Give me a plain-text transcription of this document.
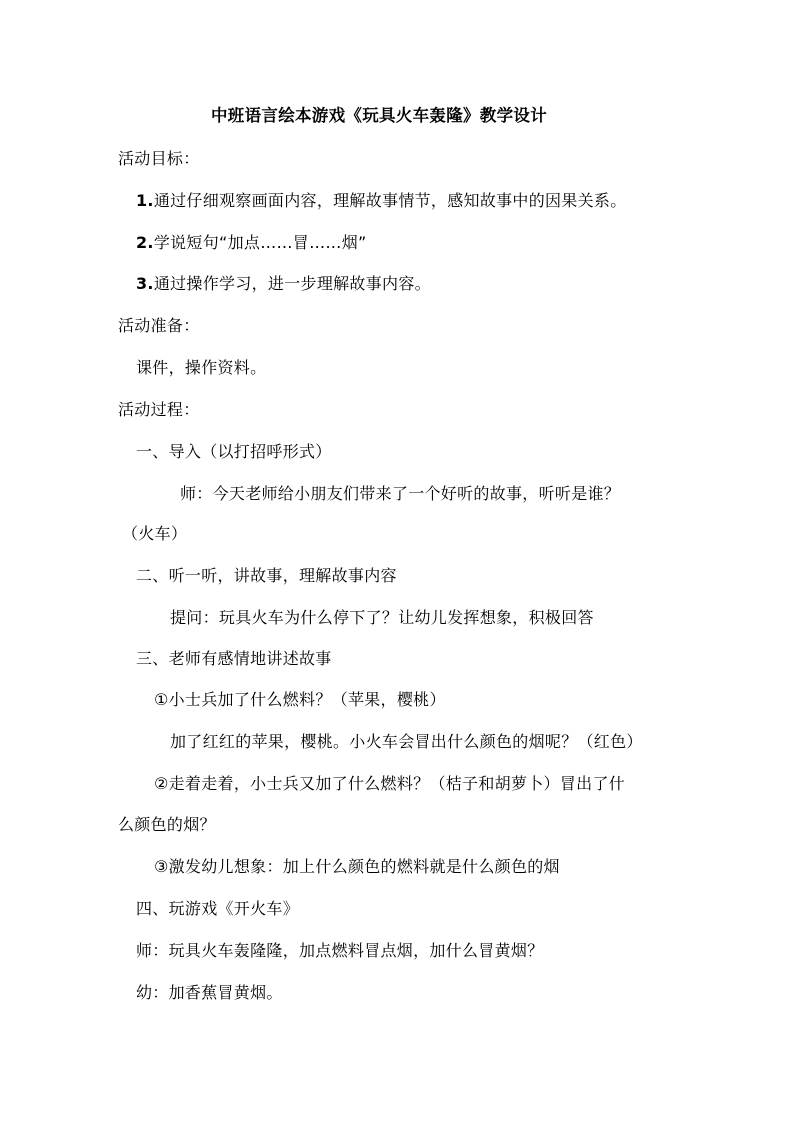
中班语言绘本游戏《玩具火车轰隆》教学设计
活动目标：
1.通过仔细观察画面内容，理解故事情节，感知故事中的因果关系。
2.学说短句“加点……冒……烟”
3.通过操作学习，进一步理解故事内容。
活动准备：
课件，操作资料。
活动过程：
一、导入（以打招呼形式）
师：今天老师给小朋友们带来了一个好听的故事，听听是谁？
（火车）
二、听一听，讲故事，理解故事内容
提问：玩具火车为什么停下了？让幼儿发挥想象，积极回答
三、老师有感情地讲述故事
①小士兵加了什么燃料？（苹果，樱桃）
加了红红的苹果，樱桃。小火车会冒出什么颜色的烟呢？（红色）
②走着走着，小士兵又加了什么燃料？（桔子和胡萝卜）冒出了什
么颜色的烟？
③激发幼儿想象：加上什么颜色的燃料就是什么颜色的烟
四、玩游戏《开火车》
师：玩具火车轰隆隆，加点燃料冒点烟，加什么冒黄烟？
幼：加香蕉冒黄烟。
